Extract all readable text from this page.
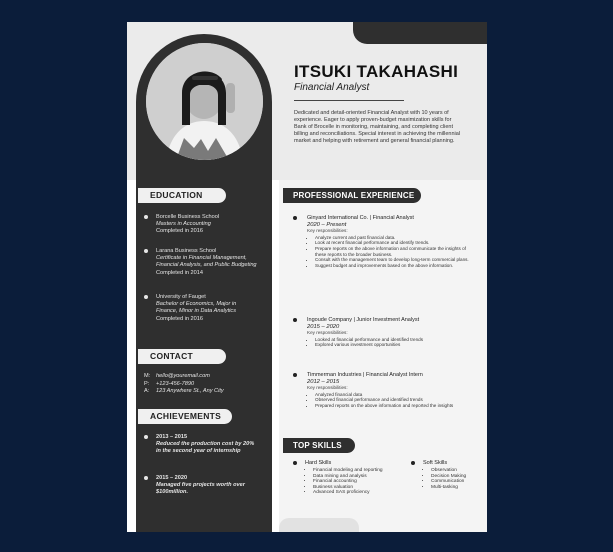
EDUCATION
Borcelle Business School
Masters in Accounting
Completed in 2016
Larana Business School
Certificate in Financial Management, Financial Analysis, and Public Budgeting
Completed in 2014
University of Fauget
Bachelor of Economics, Major in Finance, Minor in Data Analytics
Completed in 2016
CONTACT
M: hello@youremail.com
P: +123-456-7890
A: 123 Anywhere St., Any City
ACHIEVEMENTS
2013 – 2015
Reduced the production cost by 20% in the second year of internship
2015 – 2020
Managed five projects worth over $100million.
ITSUKI TAKAHASHI
Financial Analyst
Dedicated and detail-oriented Financial Analyst with 10 years of experience. Eager to apply proven-budget maximization skills for Bank of Brocelle in monitoring, maintaining, and completing client billing and reconciliations. Special interest in achieving the millennial market and helping with retirement and general financial planning.
PROFESSIONAL EXPERIENCE
Ginyard International Co. | Financial Analyst
2020 – Present
Key responsibilities:
• Analyze current and past financial data.
• Look at recent financial performance and identify trends.
• Prepare reports on the above information and communicate the insights of these reports to the broader business.
• Consult with the management team to develop long-term commercial plans.
• Suggest budget and improvements based on the above information.
Ingoude Company | Junior Investment Analyst
2015 – 2020
Key responsibilities:
• Looked at financial performance and identified trends
• Explored various investment opportunities
Timmerman Industries | Financial Analyst Intern
2012 – 2015
Key responsibilities:
• Analyzed financial data
• Observed financial performance and identified trends
• Prepared reports on the above information and reported the insights
TOP SKILLS
Hard Skills
• Financial modeling and reporting
• Data mining and analysis
• Financial accounting
• Business valuation
• Advanced SAS proficiency
Soft Skills
• Observation
• Decision Making
• Communication
• Multi-tasking
